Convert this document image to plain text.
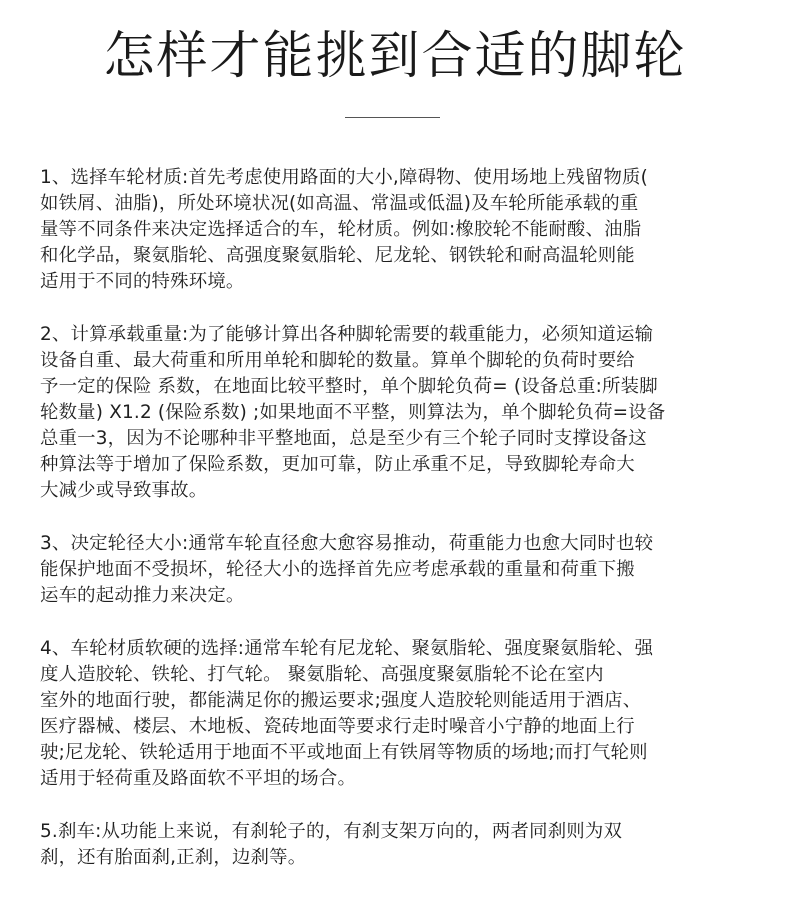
怎样才能挑到合适的脚轮

1、选择车轮材质:首先考虑使用路面的大小,障碍物、使用场地上残留物质(
如铁屑、油脂)，所处环境状况(如高温、常温或低温)及车轮所能承载的重
量等不同条件来决定选择适合的车，轮材质。例如:橡胶轮不能耐酸、油脂
和化学品，聚氨脂轮、高强度聚氨脂轮、尼龙轮、钢铁轮和耐高温轮则能
适用于不同的特殊环境。

2、计算承载重量:为了能够计算出各种脚轮需要的载重能力，必须知道运输
设备自重、最大荷重和所用单轮和脚轮的数量。算单个脚轮的负荷时要给
予一定的保险 系数，在地面比较平整时，单个脚轮负荷= (设备总重:所装脚
轮数量) X1.2 (保险系数) ;如果地面不平整，则算法为，单个脚轮负荷=设备
总重一3，因为不论哪种非平整地面，总是至少有三个轮子同时支撑设备这
种算法等于增加了保险系数，更加可靠，防止承重不足，导致脚轮寿命大
大减少或导致事故。

3、决定轮径大小:通常车轮直径愈大愈容易推动，荷重能力也愈大同时也较
能保护地面不受损坏，轮径大小的选择首先应考虑承载的重量和荷重下搬
运车的起动推力来决定。

4、车轮材质软硬的选择:通常车轮有尼龙轮、聚氨脂轮、强度聚氨脂轮、强
度人造胶轮、铁轮、打气轮。 聚氨脂轮、高强度聚氨脂轮不论在室内
室外的地面行驶，都能满足你的搬运要求;强度人造胶轮则能适用于酒店、
医疗器械、楼层、木地板、瓷砖地面等要求行走时噪音小宁静的地面上行
驶;尼龙轮、铁轮适用于地面不平或地面上有铁屑等物质的场地;而打气轮则
适用于轻荷重及路面软不平坦的场合。

5.刹车:从功能上来说，有刹轮子的，有刹支架万向的，两者同刹则为双
刹，还有胎面刹,正刹，边刹等。
